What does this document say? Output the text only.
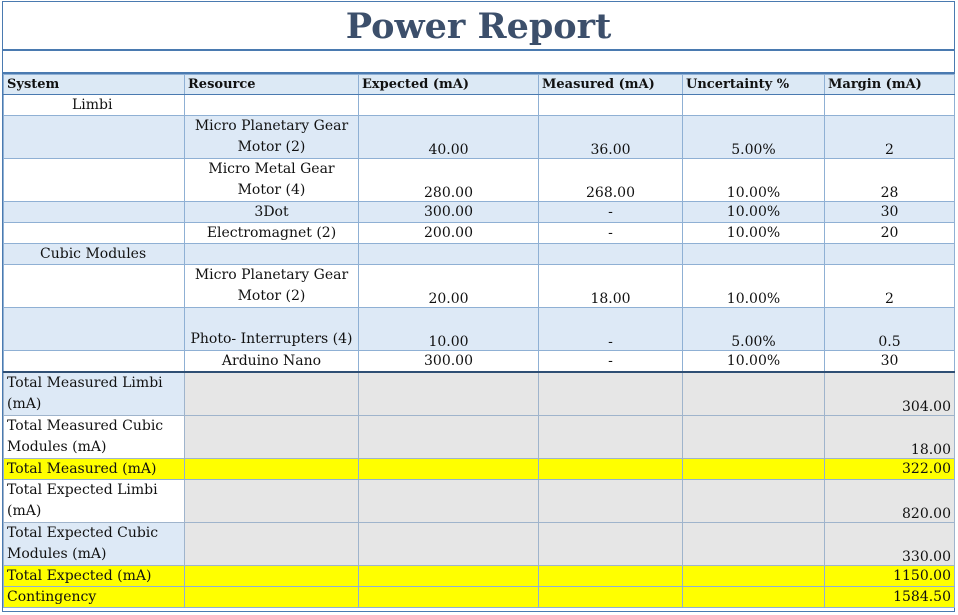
Power Report
System	Resource	Expected (mA)	Measured (mA)	Uncertainty %	Margin (mA)
Limbi					
	Micro Planetary Gear Motor (2)	40.00	36.00	5.00%	2
	Micro Metal Gear Motor (4)	280.00	268.00	10.00%	28
	3Dot	300.00	-	10.00%	30
	Electromagnet (2)	200.00	-	10.00%	20
Cubic Modules					
	Micro Planetary Gear Motor (2)	20.00	18.00	10.00%	2
	Photo- Interrupters (4)	10.00	-	5.00%	0.5
	Arduino Nano	300.00	-	10.00%	30
Total Measured Limbi (mA)					304.00
Total Measured Cubic Modules (mA)					18.00
Total Measured (mA)					322.00
Total Expected Limbi (mA)					820.00
Total Expected Cubic Modules (mA)					330.00
Total Expected (mA)					1150.00
Contingency					1584.50
